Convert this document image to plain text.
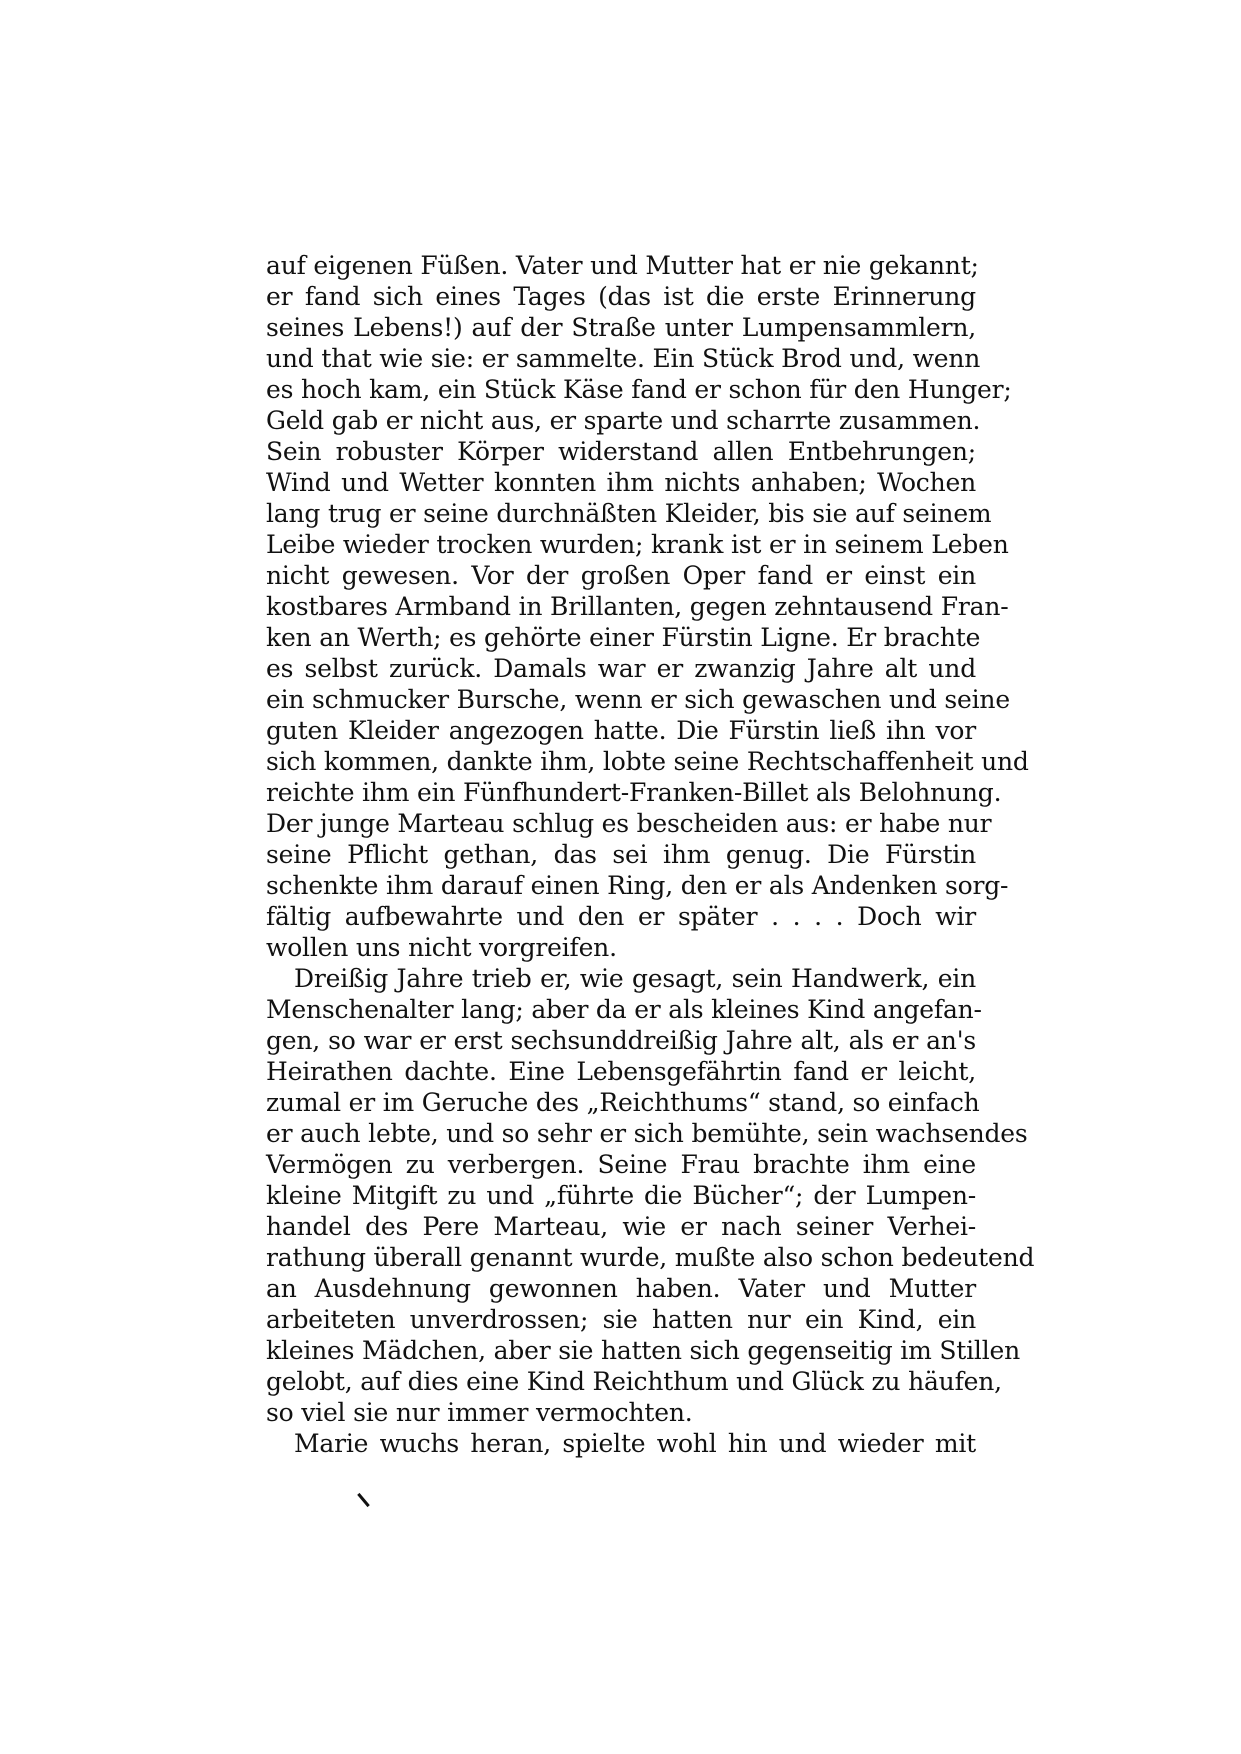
auf eigenen Füßen. Vater und Mutter hat er nie gekannt;
er fand sich eines Tages (das ist die erste Erinnerung
seines Lebens!) auf der Straße unter Lumpensammlern,
und that wie sie: er sammelte. Ein Stück Brod und, wenn
es hoch kam, ein Stück Käse fand er schon für den Hunger;
Geld gab er nicht aus, er sparte und scharrte zusammen.
Sein robuster Körper widerstand allen Entbehrungen;
Wind und Wetter konnten ihm nichts anhaben; Wochen
lang trug er seine durchnäßten Kleider, bis sie auf seinem
Leibe wieder trocken wurden; krank ist er in seinem Leben
nicht gewesen. Vor der großen Oper fand er einst ein
kostbares Armband in Brillanten, gegen zehntausend Fran-
ken an Werth; es gehörte einer Fürstin Ligne. Er brachte
es selbst zurück. Damals war er zwanzig Jahre alt und
ein schmucker Bursche, wenn er sich gewaschen und seine
guten Kleider angezogen hatte. Die Fürstin ließ ihn vor
sich kommen, dankte ihm, lobte seine Rechtschaffenheit und
reichte ihm ein Fünfhundert-Franken-Billet als Belohnung.
Der junge Marteau schlug es bescheiden aus: er habe nur
seine Pflicht gethan, das sei ihm genug. Die Fürstin
schenkte ihm darauf einen Ring, den er als Andenken sorg-
fältig aufbewahrte und den er später . . . . Doch wir
wollen uns nicht vorgreifen.
Dreißig Jahre trieb er, wie gesagt, sein Handwerk, ein
Menschenalter lang; aber da er als kleines Kind angefan-
gen, so war er erst sechsunddreißig Jahre alt, als er an's
Heirathen dachte. Eine Lebensgefährtin fand er leicht,
zumal er im Geruche des „Reichthums“ stand, so einfach
er auch lebte, und so sehr er sich bemühte, sein wachsendes
Vermögen zu verbergen. Seine Frau brachte ihm eine
kleine Mitgift zu und „führte die Bücher“; der Lumpen-
handel des Pere Marteau, wie er nach seiner Verhei-
rathung überall genannt wurde, mußte also schon bedeutend
an Ausdehnung gewonnen haben. Vater und Mutter
arbeiteten unverdrossen; sie hatten nur ein Kind, ein
kleines Mädchen, aber sie hatten sich gegenseitig im Stillen
gelobt, auf dies eine Kind Reichthum und Glück zu häufen,
so viel sie nur immer vermochten.
Marie wuchs heran, spielte wohl hin und wieder mit
